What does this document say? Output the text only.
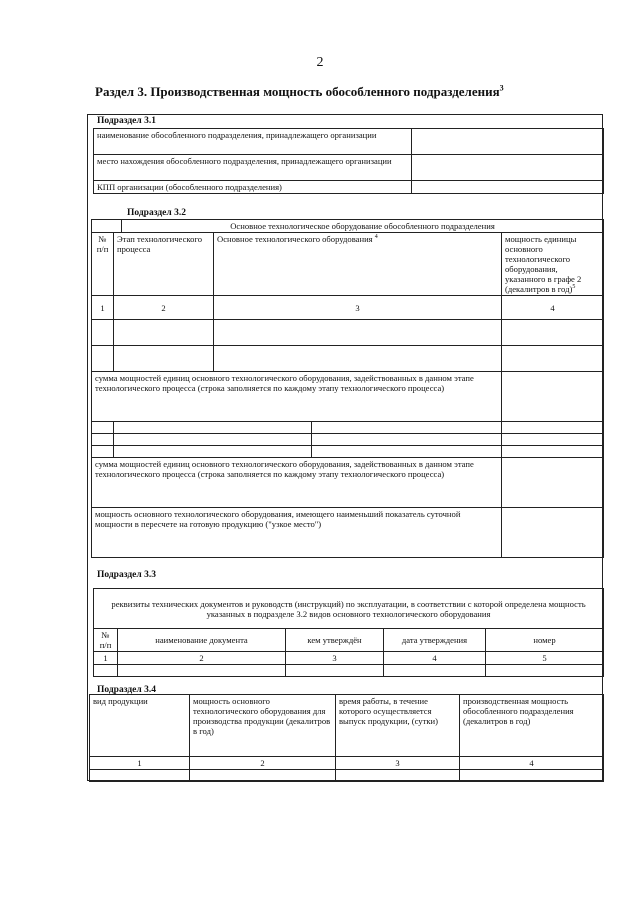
2
Раздел 3. Производственная мощность обособленного подразделения$^3$
Подраздел 3.1
наименование обособленного подразделения, принадлежащего организации	
место нахождения обособленного подразделения, принадлежащего организации	
КПП организации (обособленного подразделения)	
Подраздел 3.2
		Основное технологическое оборудование обособленного подразделения			
№ п/п	Этап технологического процесса		Основное технологического оборудования $^4$		мощность единицы основного технологического оборудования, указанного в графе 2 (декалитров в год)$^5$
1	2		3		4

сумма мощностей единиц основного технологического оборудования, задействованных в данном этапе технологического процесса (строка заполняется по каждому этапу технологического процесса)					

сумма мощностей единиц основного технологического оборудования, задействованных в данном этапе технологического процесса (строка заполняется по каждому этапу технологического процесса)					
мощность основного технологического оборудования, имеющего наименьший показатель суточной мощности в пересчете на готовую продукцию ("узкое место")					
Подраздел 3.3
реквизиты технических документов и руководств (инструкций) по эксплуатации, в соответствии с которой определена мощность указанных в подразделе 3.2 видов основного технологического оборудования				
№ п/п	наименование документа	кем утверждён	дата утверждения	номер
1	2	3	4	5

Подраздел 3.4
вид продукции	мощность основного технологического оборудования для производства продукции (декалитров в год)	время работы, в течение которого осуществляется выпуск продукции, (сутки)	производственная мощность обособленного подразделения (декалитров в год)
1	2	3	4
